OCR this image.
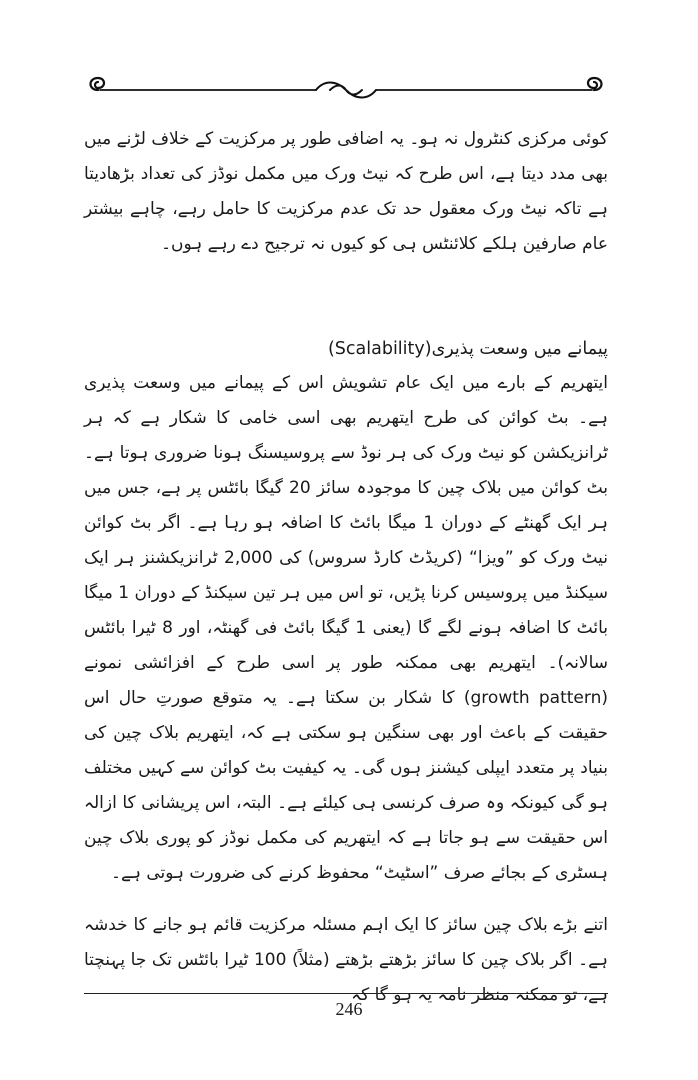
کوئی مرکزی کنٹرول نہ ہو۔ یہ اضافی طور پر مرکزیت کے خلاف لڑنے میں بھی مدد دیتا ہے، اس طرح کہ نیٹ ورک میں مکمل نوڈز کی تعداد بڑھادیتا ہے تاکہ نیٹ ورک معقول حد تک عدم مرکزیت کا حامل رہے، چاہے بیشتر عام صارفین ہلکے کلائنٹس ہی کو کیوں نہ ترجیح دے رہے ہوں۔

پیمانے میں وسعت پذیری(Scalability)

ایتھریم کے بارے میں ایک عام تشویش اس کے پیمانے میں وسعت پذیری ہے۔ بٹ کوائن کی طرح ایتھریم بھی اسی خامی کا شکار ہے کہ ہر ٹرانزیکشن کو نیٹ ورک کی ہر نوڈ سے پروسیسنگ ہونا ضروری ہوتا ہے۔ بٹ کوائن میں بلاک چین کا موجودہ سائز 20 گیگا بائٹس پر ہے، جس میں ہر ایک گھنٹے کے دوران 1 میگا بائٹ کا اضافہ ہو رہا ہے۔ اگر بٹ کوائن نیٹ ورک کو ”ویزا“ (کریڈٹ کارڈ سروس) کی 2,000 ٹرانزیکشنز ہر ایک سیکنڈ میں پروسیس کرنا پڑیں، تو اس میں ہر تین سیکنڈ کے دوران 1 میگا بائٹ کا اضافہ ہونے لگے گا (یعنی 1 گیگا بائٹ فی گھنٹہ، اور 8 ٹیرا بائٹس سالانہ)۔ ایتھریم بھی ممکنہ طور پر اسی طرح کے افزائشی نمونے (growth pattern) کا شکار بن سکتا ہے۔ یہ متوقع صورتِ حال اس حقیقت کے باعث اور بھی سنگین ہو سکتی ہے کہ، ایتھریم بلاک چین کی بنیاد پر متعدد ایپلی کیشنز ہوں گی۔ یہ کیفیت بٹ کوائن سے کہیں مختلف ہو گی کیونکہ وہ صرف کرنسی ہی کیلئے ہے۔ البتہ، اس پریشانی کا ازالہ اس حقیقت سے ہو جاتا ہے کہ ایتھریم کی مکمل نوڈز کو پوری بلاک چین ہسٹری کے بجائے صرف ”اسٹیٹ“ محفوظ کرنے کی ضرورت ہوتی ہے۔

اتنے بڑے بلاک چین سائز کا ایک اہم مسئلہ مرکزیت قائم ہو جانے کا خدشہ ہے۔ اگر بلاک چین کا سائز بڑھتے بڑھتے (مثلاً) 100 ٹیرا بائٹس تک جا پہنچتا ہے، تو ممکنہ منظر نامہ یہ ہو گا کہ

246
